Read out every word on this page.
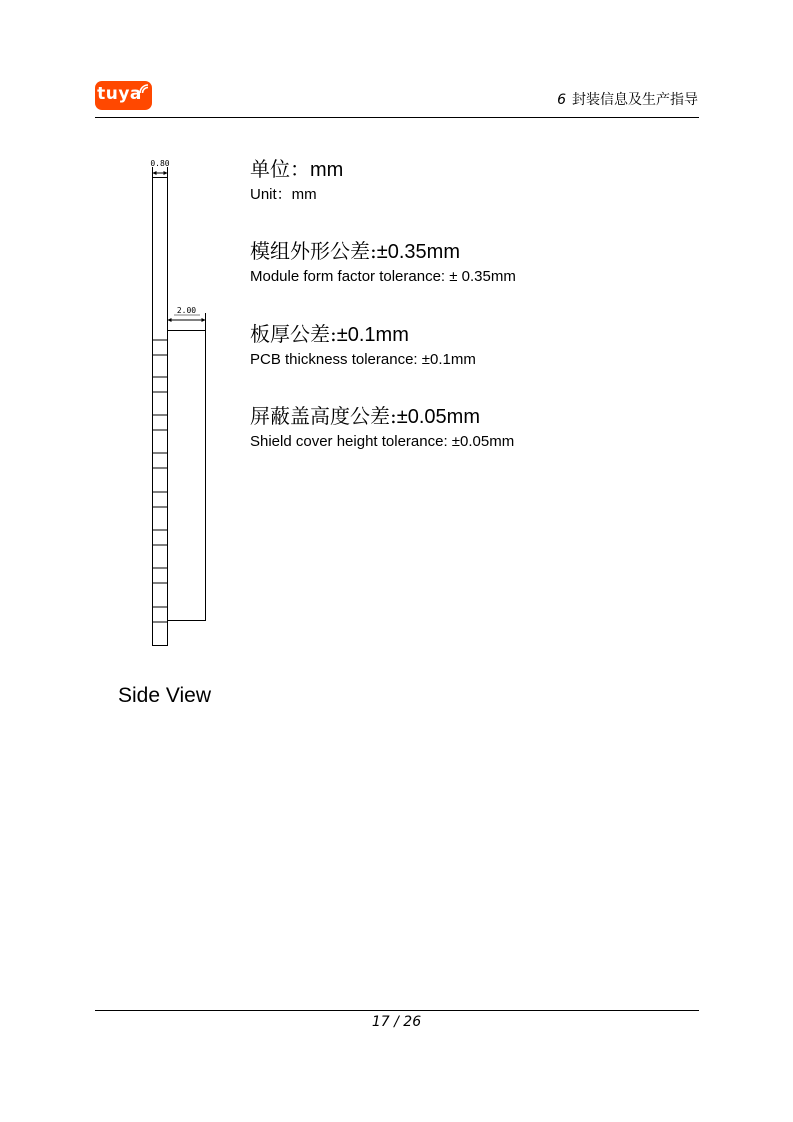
tuya	6 封装信息及生产指导
0.80
2.00
单位：mm
Unit：mm
模组外形公差:±0.35mm
Module form factor tolerance: ± 0.35mm
板厚公差:±0.1mm
PCB thickness tolerance: ±0.1mm
屏蔽盖高度公差:±0.05mm
Shield cover height tolerance: ±0.05mm
Side View
17 / 26
